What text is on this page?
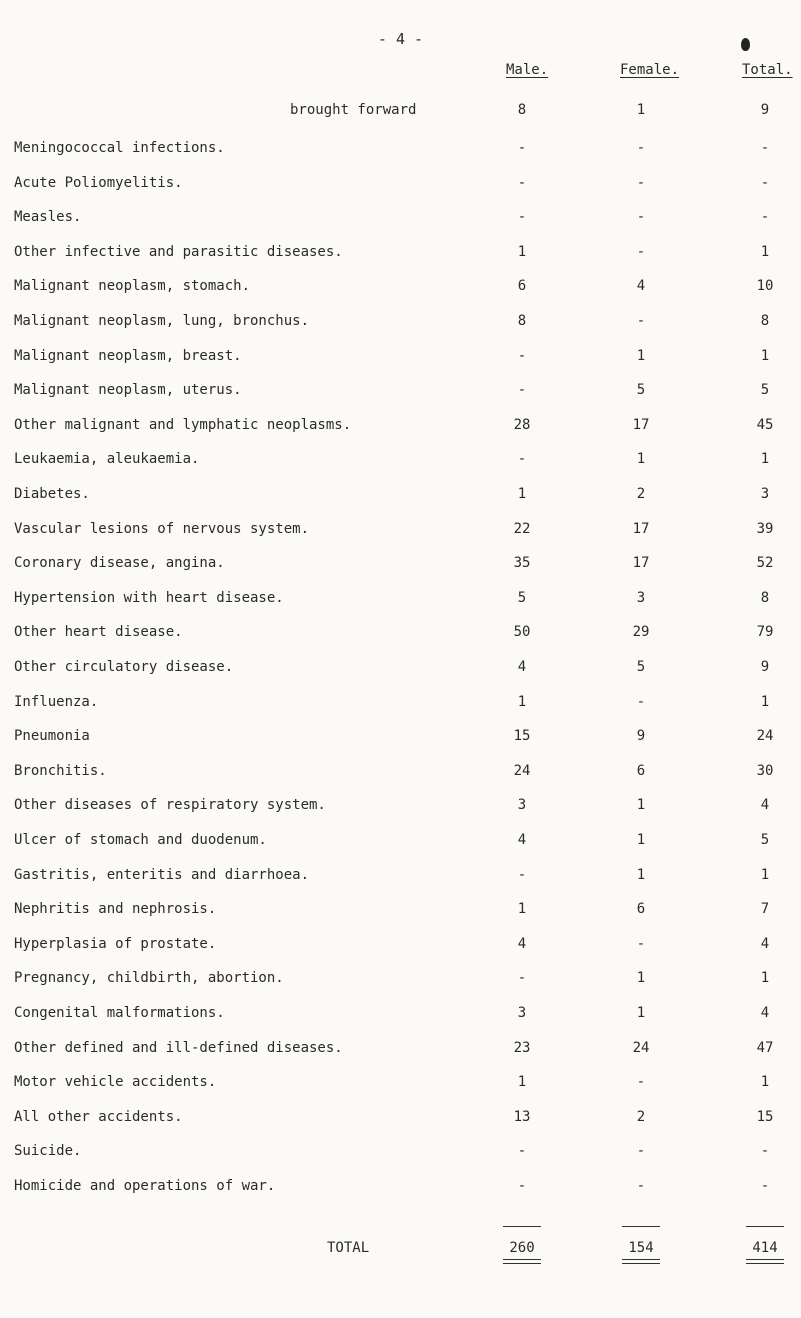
- 4 -
Male.	Female.	Total.
brought forward	8	1	9
Meningococcal infections.	-	-	-
Acute Poliomyelitis.	-	-	-
Measles.	-	-	-
Other infective and parasitic diseases.	1	-	1
Malignant neoplasm, stomach.	6	4	10
Malignant neoplasm, lung, bronchus.	8	-	8
Malignant neoplasm, breast.	-	1	1
Malignant neoplasm, uterus.	-	5	5
Other malignant and lymphatic neoplasms.	28	17	45
Leukaemia, aleukaemia.	-	1	1
Diabetes.	1	2	3
Vascular lesions of nervous system.	22	17	39
Coronary disease, angina.	35	17	52
Hypertension with heart disease.	5	3	8
Other heart disease.	50	29	79
Other circulatory disease.	4	5	9
Influenza.	1	-	1
Pneumonia	15	9	24
Bronchitis.	24	6	30
Other diseases of respiratory system.	3	1	4
Ulcer of stomach and duodenum.	4	1	5
Gastritis, enteritis and diarrhoea.	-	1	1
Nephritis and nephrosis.	1	6	7
Hyperplasia of prostate.	4	-	4
Pregnancy, childbirth, abortion.	-	1	1
Congenital malformations.	3	1	4
Other defined and ill-defined diseases.	23	24	47
Motor vehicle accidents.	1	-	1
All other accidents.	13	2	15
Suicide.	-	-	-
Homicide and operations of war.	-	-	-
TOTAL	260	154	414
